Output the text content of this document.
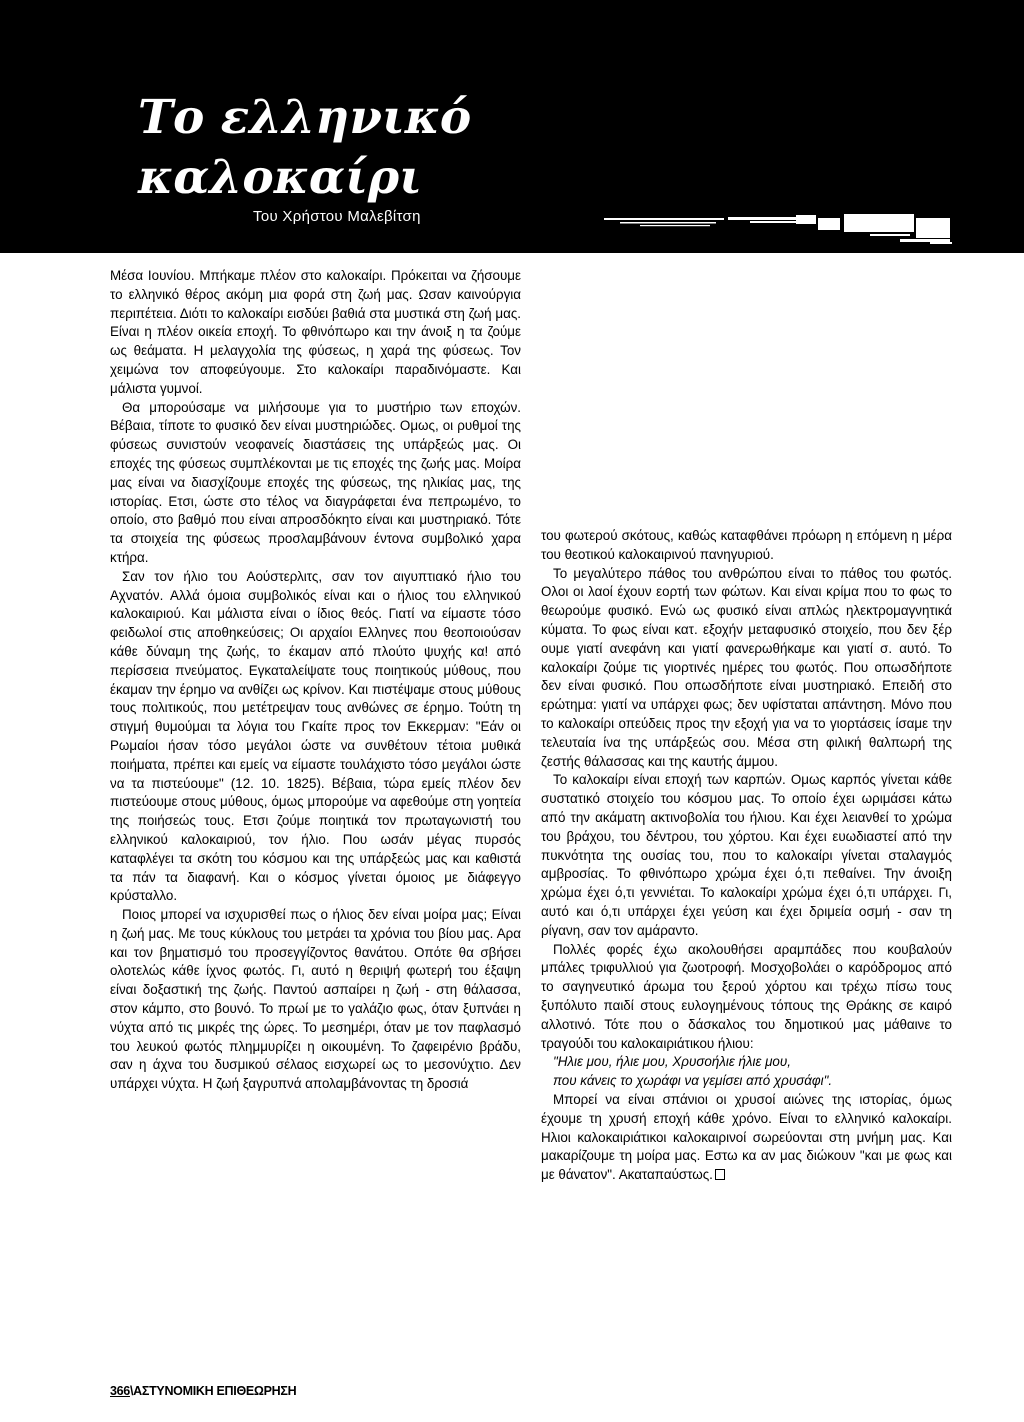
Το ελληνικό
καλοκαίρι
Του Χρήστου Μαλεβίτση

Μέσα Ιουνίου. Μπήκαμε πλέον στο καλοκαίρι. Πρόκειται να ζήσουμε το ελληνικό θέρος ακόμη μια φορά στη ζωή μας. Ωσαν καινούργια περιπέτεια. Διότι το καλοκαίρι εισδύει βαθιά στα μυστικά στη ζωή μας. Είναι η πλέον οικεία εποχή. Το φθινόπωρο και την άνοιξ η τα ζούμε ως θεάματα. Η μελαγχολία της φύσεως, η χαρά της φύσεως. Τον χειμώνα τον αποφεύγουμε. Στο καλοκαίρι παραδινόμαστε. Και μάλιστα γυμνοί.

Θα μπορούσαμε να μιλήσουμε για το μυστήριο των εποχών. Βέβαια, τίποτε το φυσικό δεν είναι μυστηριώδες. Ομως, οι ρυθμοί της φύσεως συνιστούν νεοφανείς διαστάσεις της υπάρξεώς μας. Οι εποχές της φύσεως συμπλέκονται με τις εποχές της ζωής μας. Μοίρα μας είναι να διασχίζουμε εποχές της φύσεως, της ηλικίας μας, της ιστορίας. Ετσι, ώστε στο τέλος να διαγράφεται ένα πεπρωμένο, το οποίο, στο βαθμό που είναι απροσδόκητο είναι και μυστηριακό. Τότε τα στοιχεία της φύσεως προσλαμβάνουν έντονα συμβολικό χαρα κτήρα.

Σαν τον ήλιο του Αούστερλιτς, σαν τον αιγυπτιακό ήλιο του Αχνατόν. Αλλά όμοια συμβολικός είναι και ο ήλιος του ελληνικού καλοκαιριού. Και μάλιστα είναι ο ίδιος θεός. Γιατί να είμαστε τόσο φειδωλοί στις αποθηκεύσεις; Οι αρχαίοι Ελληνες που θεοποιούσαν κάθε δύναμη της ζωής, το έκαμαν από πλούτο ψυχής κα! από περίσσεια πνεύματος. Εγκαταλείψατε τους ποιητικούς μύθους, που έκαμαν την έρημο να ανθίζει ως κρίνον. Και πιστέψαμε στους μύθους τους πολιτικούς, που μετέτρεψαν τους ανθώνες σε έρημο. Τούτη τη στιγμή θυμούμαι τα λόγια του Γκαίτε προς τον Εκκερμαν: "Εάν οι Ρωμαίοι ήσαν τόσο μεγάλοι ώστε να συνθέτουν τέτοια μυθικά ποιήματα, πρέπει και εμείς να είμαστε τουλάχιστο τόσο μεγάλοι ώστε να τα πιστεύουμε" (12. 10. 1825). Βέβαια, τώρα εμείς πλέον δεν πιστεύουμε στους μύθους, όμως μπορούμε να αφεθούμε στη γοητεία της ποιήσεώς τους. Ετσι ζούμε ποιητικά τον πρωταγωνιστή του ελληνικού καλοκαιριού, τον ήλιο. Που ωσάν μέγας πυρσός καταφλέγει τα σκότη του κόσμου και της υπάρξεώς μας και καθιστά τα πάν τα διαφανή. Και ο κόσμος γίνεται όμοιος με διάφεγγο κρύσταλλο.

Ποιος μπορεί να ισχυρισθεί πως ο ήλιος δεν είναι μοίρα μας; Είναι η ζωή μας. Με τους κύκλους του μετράει τα χρόνια του βίου μας. Αρα και τον βηματισμό του προσεγγίζοντος θανάτου. Οπότε θα σβήσει ολοτελώς κάθε ίχνος φωτός. Γι, αυτό η θεριψή φωτερή του έξαψη είναι δοξαστική της ζωής. Παντού ασπαίρει η ζωή - στη θάλασσα, στον κάμπο, στο βουνό. Το πρωί με το γαλάζιο φως, όταν ξυπνάει η νύχτα από τις μικρές της ώρες. Το μεσημέρι, όταν με τον παφλασμό του λευκού φωτός πλημμυρίζει η οικουμένη. Το ζαφειρένιο βράδυ, σαν η άχνα του δυσμικού σέλαος εισχωρεί ως το μεσονύχτιο. Δεν υπάρχει νύχτα. Η ζωή ξαγρυπνά απολαμβάνοντας τη δροσιά

του φωτερού σκότους, καθώς καταφθάνει πρόωρη η επόμενη η μέρα του θεοτικού καλοκαιρινού πανηγυριού.

Το μεγαλύτερο πάθος του ανθρώπου είναι το πάθος του φωτός. Ολοι οι λαοί έχουν εορτή των φώτων. Και είναι κρίμα που το φως το θεωρούμε φυσικό. Ενώ ως φυσικό είναι απλώς ηλεκτρομαγνητικά κύματα. Το φως είναι κατ. εξοχήν μεταφυσικό στοιχείο, που δεν ξέρ ουμε γιατί ανεφάνη και γιατί φανερωθήκαμε και γιατί σ. αυτό. Το καλοκαίρι ζούμε τις γιορτινές ημέρες του φωτός. Που οπωσδήποτε δεν είναι φυσικό. Που οπωσδήποτε είναι μυστηριακό. Επειδή στο ερώτημα: γιατί να υπάρχει φως; δεν υφίσταται απάντηση. Μόνο που το καλοκαίρι οπεύδεις προς την εξοχή για να το γιορτάσεις ίσαμε την τελευταία ίνα της υπάρξεώς σου. Μέσα στη φιλική θαλπωρή της ζεστής θάλασσας και της καυτής άμμου.

Το καλοκαίρι είναι εποχή των καρπών. Ομως καρπός γίνεται κάθε συστατικό στοιχείο του κόσμου μας. Το οποίο έχει ωριμάσει κάτω από την ακάματη ακτινοβολία του ήλιου. Και έχει λειανθεί το χρώμα του βράχου, του δέντρου, του χόρτου. Και έχει ευωδιαστεί από την πυκνότητα της ουσίας του, που το καλοκαίρι γίνεται σταλαγμός αμβροσίας. Το φθινόπωρο χρώμα έχει ό,τι πεθαίνει. Την άνοιξη χρώμα έχει ό,τι γεννιέται. Το καλοκαίρι χρώμα έχει ό,τι υπάρχει. Γι, αυτό και ό,τι υπάρχει έχει γεύση και έχει δριμεία οσμή - σαν τη ρίγανη, σαν τον αμάραντο.

Πολλές φορές έχω ακολουθήσει αραμπάδες που κουβαλούν μπάλες τριφυλλιού για ζωοτροφή. Μοσχοβολάει ο καρόδρομος από το σαγηνευτικό άρωμα του ξερού χόρτου και τρέχω πίσω τους ξυπόλυτο παιδί στους ευλογημένους τόπους της Θράκης σε καιρό αλλοτινό. Τότε που ο δάσκαλος του δημοτικού μας μάθαινε το τραγούδι του καλοκαιριάτικου ήλιου:

"Ηλιε μου, ήλιε μου, Χρυσοήλιε ήλιε μου,

που κάνεις το χωράφι να γεμίσει από χρυσάφι".

Μπορεί να είναι σπάνιοι οι χρυσοί αιώνες της ιστορίας, όμως έχουμε τη χρυσή εποχή κάθε χρόνο. Είναι το ελληνικό καλοκαίρι. Ηλιοι καλοκαιριάτικοι καλοκαιρινοί σωρεύονται στη μνήμη μας. Και μακαρίζουμε τη μοίρα μας. Εστω κα αν μας διώκουν "και με φως και με θάνατον". Ακαταπαύστως.

366\ΑΣΤΥΝΟΜΙΚΗ ΕΠΙΘΕΩΡΗΣΗ
